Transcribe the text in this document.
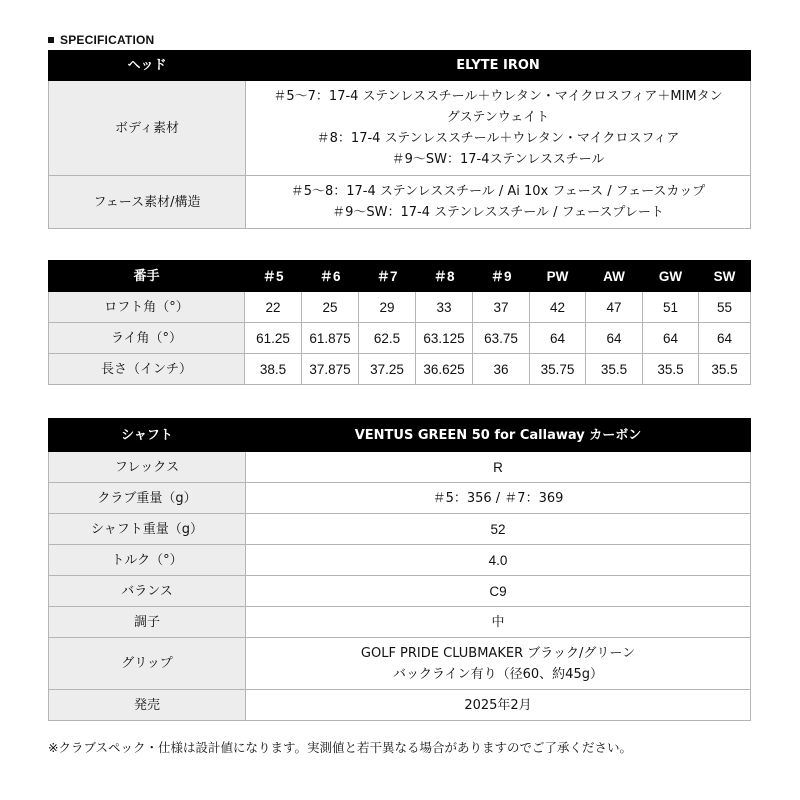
SPECIFICATION
ヘッド	ELYTE IRON
ボディ素材	＃5〜7：17-4 ステンレススチール＋ウレタン・マイクロスフィア＋MIMタン
グステンウェイト
＃8：17-4 ステンレススチール＋ウレタン・マイクロスフィア
＃9〜SW：17-4ステンレススチール

フェース素材/構造	＃5〜8：17-4 ステンレススチール / Ai 10x フェース / フェースカップ
＃9〜SW：17-4 ステンレススチール / フェースプレート
番手	＃5	＃6	＃7	＃8	＃9	PW	AW	GW	SW
ロフト角（°）	22	25	29	33	37	42	47	51	55
ライ角（°）	61.25	61.875	62.5	63.125	63.75	64	64	64	64
長さ（インチ）	38.5	37.875	37.25	36.625	36	35.75	35.5	35.5	35.5
シャフト	VENTUS GREEN 50 for Callaway カーボン
フレックス	R
クラブ重量（g）	＃5：356 / ＃7：369
シャフト重量（g）	52
トルク（°）	4.0
バランス	C9
調子	中
グリップ	GOLF PRIDE CLUBMAKER ブラック/グリーン
バックライン有り（径60、約45g）

発売	2025年2月
※クラブスペック・仕様は設計値になります。実測値と若干異なる場合がありますのでご了承ください。
